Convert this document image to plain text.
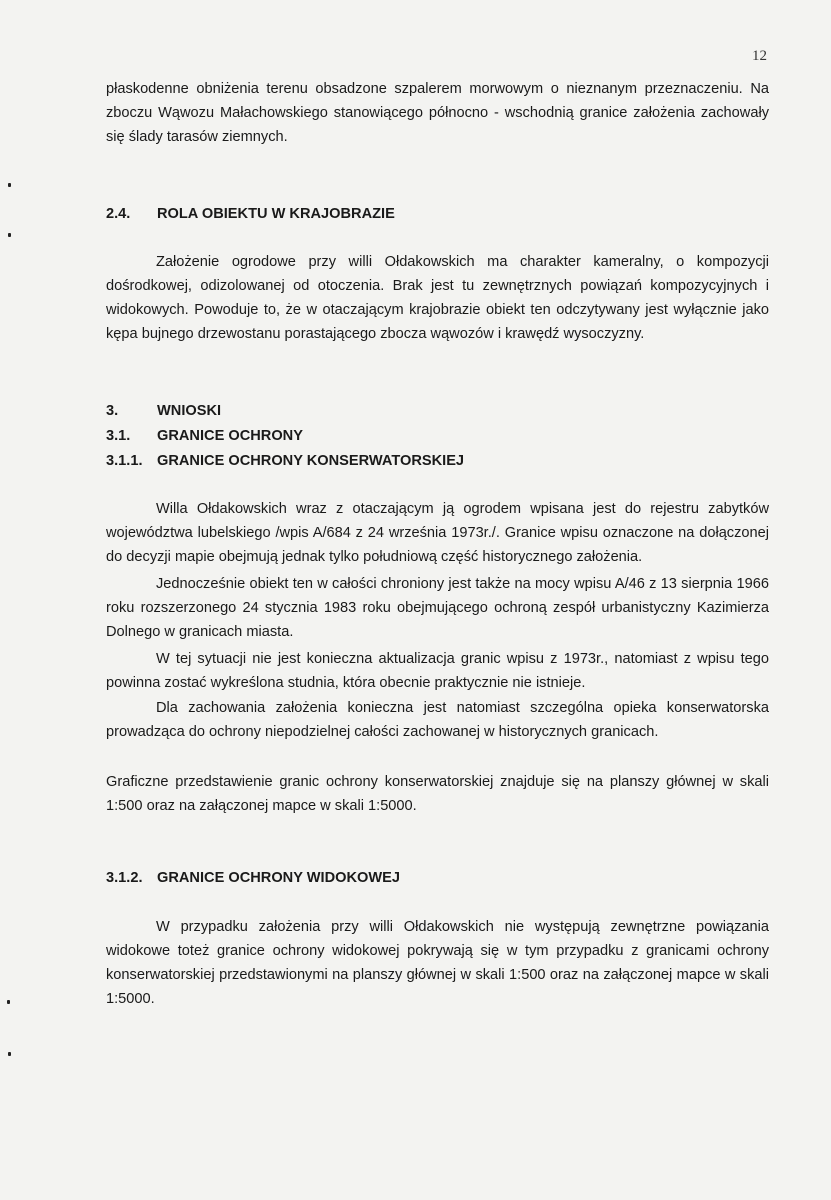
12

płaskodenne obniżenia terenu obsadzone szpalerem morwowym o nieznanym przeznaczeniu. Na zboczu Wąwozu Małachowskiego stanowiącego północno - wschodnią granice założenia zachowały się ślady tarasów ziemnych.

2.4. ROLA OBIEKTU W KRAJOBRAZIE

Założenie ogrodowe przy willi Ołdakowskich ma charakter kameralny, o kompozycji dośrodkowej, odizolowanej od otoczenia. Brak jest tu zewnętrznych powiązań kompozycyjnych i widokowych. Powoduje to, że w otaczającym krajobrazie obiekt ten odczytywany jest wyłącznie jako kępa bujnego drzewostanu porastającego zbocza wąwozów i krawędź wysoczyzny.

3.	WNIOSKI
3.1. GRANICE OCHRONY
3.1.1. GRANICE OCHRONY KONSERWATORSKIEJ

Willa Ołdakowskich wraz z otaczającym ją ogrodem wpisana jest do rejestru zabytków województwa lubelskiego /wpis A/684 z 24 września 1973r./. Granice wpisu oznaczone na dołączonej do decyzji mapie obejmują jednak tylko południową część historycznego założenia.

Jednocześnie obiekt ten w całości chroniony jest także na mocy wpisu A/46 z 13 sierpnia 1966 roku rozszerzonego 24 stycznia 1983 roku obejmującego ochroną zespół urbanistyczny Kazimierza Dolnego w granicach miasta.

W tej sytuacji nie jest konieczna aktualizacja granic wpisu z 1973r., natomiast z wpisu tego powinna zostać wykreślona studnia, która obecnie praktycznie nie istnieje.

Dla zachowania założenia konieczna jest natomiast szczególna opieka konserwatorska prowadząca do ochrony niepodzielnej całości zachowanej w historycznych granicach.

Graficzne przedstawienie granic ochrony konserwatorskiej znajduje się na planszy głównej w skali 1:500 oraz na załączonej mapce w skali 1:5000.

3.1.2. GRANICE OCHRONY WIDOKOWEJ

W przypadku założenia przy willi Ołdakowskich nie występują zewnętrzne powiązania widokowe toteż granice ochrony widokowej pokrywają się w tym przypadku z granicami ochrony konserwatorskiej przedstawionymi na planszy głównej w skali 1:500 oraz na załączonej mapce w skali 1:5000.
